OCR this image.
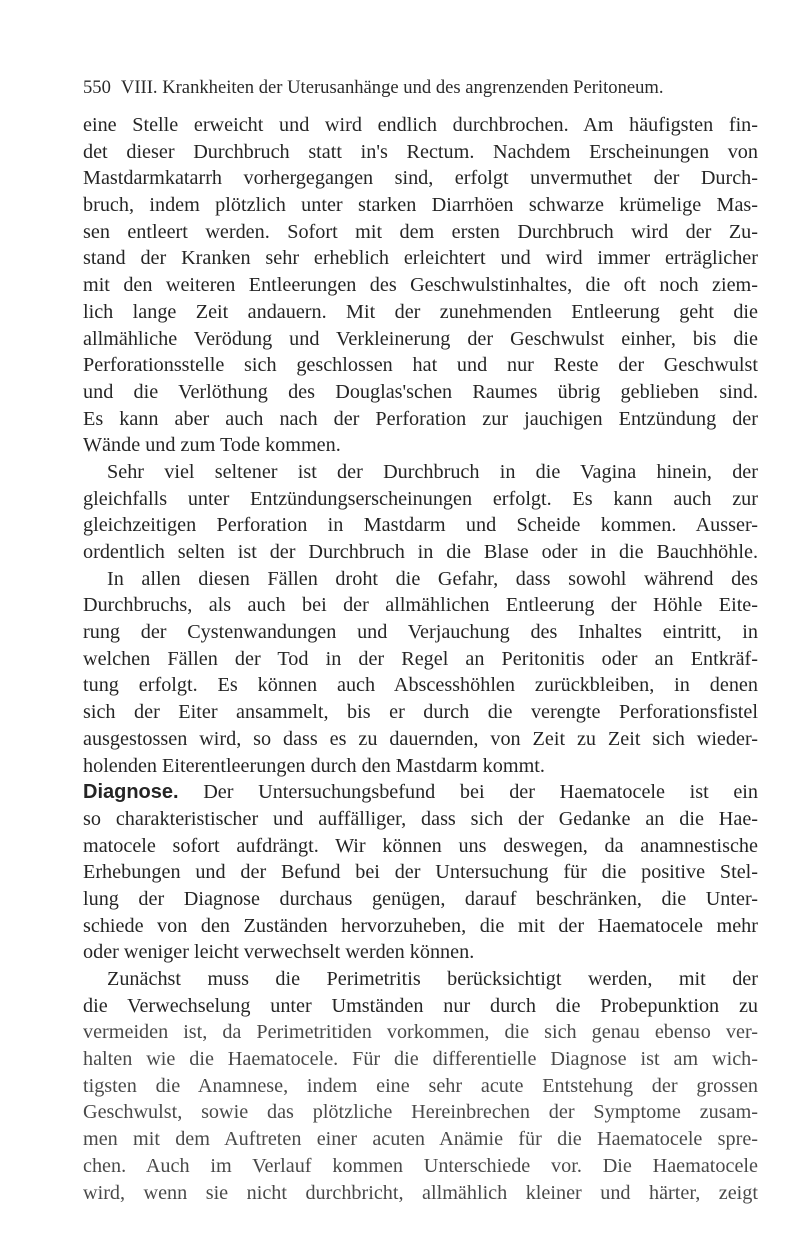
550 VIII. Krankheiten der Uterusanhänge und des angrenzenden Peritoneum.
eine Stelle erweicht und wird endlich durchbrochen. Am häufigsten fin-
det dieser Durchbruch statt in's Rectum. Nachdem Erscheinungen von
Mastdarmkatarrh vorhergegangen sind, erfolgt unvermuthet der Durch-
bruch, indem plötzlich unter starken Diarrhöen schwarze krümelige Mas-
sen entleert werden. Sofort mit dem ersten Durchbruch wird der Zu-
stand der Kranken sehr erheblich erleichtert und wird immer erträglicher
mit den weiteren Entleerungen des Geschwulstinhaltes, die oft noch ziem-
lich lange Zeit andauern. Mit der zunehmenden Entleerung geht die
allmähliche Verödung und Verkleinerung der Geschwulst einher, bis die
Perforationsstelle sich geschlossen hat und nur Reste der Geschwulst
und die Verlöthung des Douglas'schen Raumes übrig geblieben sind.
Es kann aber auch nach der Perforation zur jauchigen Entzündung der
Wände und zum Tode kommen.
Sehr viel seltener ist der Durchbruch in die Vagina hinein, der
gleichfalls unter Entzündungserscheinungen erfolgt. Es kann auch zur
gleichzeitigen Perforation in Mastdarm und Scheide kommen. Ausser-
ordentlich selten ist der Durchbruch in die Blase oder in die Bauchhöhle.
In allen diesen Fällen droht die Gefahr, dass sowohl während des
Durchbruchs, als auch bei der allmählichen Entleerung der Höhle Eite-
rung der Cystenwandungen und Verjauchung des Inhaltes eintritt, in
welchen Fällen der Tod in der Regel an Peritonitis oder an Entkräf-
tung erfolgt. Es können auch Abscesshöhlen zurückbleiben, in denen
sich der Eiter ansammelt, bis er durch die verengte Perforationsfistel
ausgestossen wird, so dass es zu dauernden, von Zeit zu Zeit sich wieder-
holenden Eiterentleerungen durch den Mastdarm kommt.
Diagnose. Der Untersuchungsbefund bei der Haematocele ist ein
so charakteristischer und auffälliger, dass sich der Gedanke an die Hae-
matocele sofort aufdrängt. Wir können uns deswegen, da anamnestische
Erhebungen und der Befund bei der Untersuchung für die positive Stel-
lung der Diagnose durchaus genügen, darauf beschränken, die Unter-
schiede von den Zuständen hervorzuheben, die mit der Haematocele mehr
oder weniger leicht verwechselt werden können.
Zunächst muss die Perimetritis berücksichtigt werden, mit der
die Verwechselung unter Umständen nur durch die Probepunktion zu
vermeiden ist, da Perimetritiden vorkommen, die sich genau ebenso ver-
halten wie die Haematocele. Für die differentielle Diagnose ist am wich-
tigsten die Anamnese, indem eine sehr acute Entstehung der grossen
Geschwulst, sowie das plötzliche Hereinbrechen der Symptome zusam-
men mit dem Auftreten einer acuten Anämie für die Haematocele spre-
chen. Auch im Verlauf kommen Unterschiede vor. Die Haematocele
wird, wenn sie nicht durchbricht, allmählich kleiner und härter, zeigt
